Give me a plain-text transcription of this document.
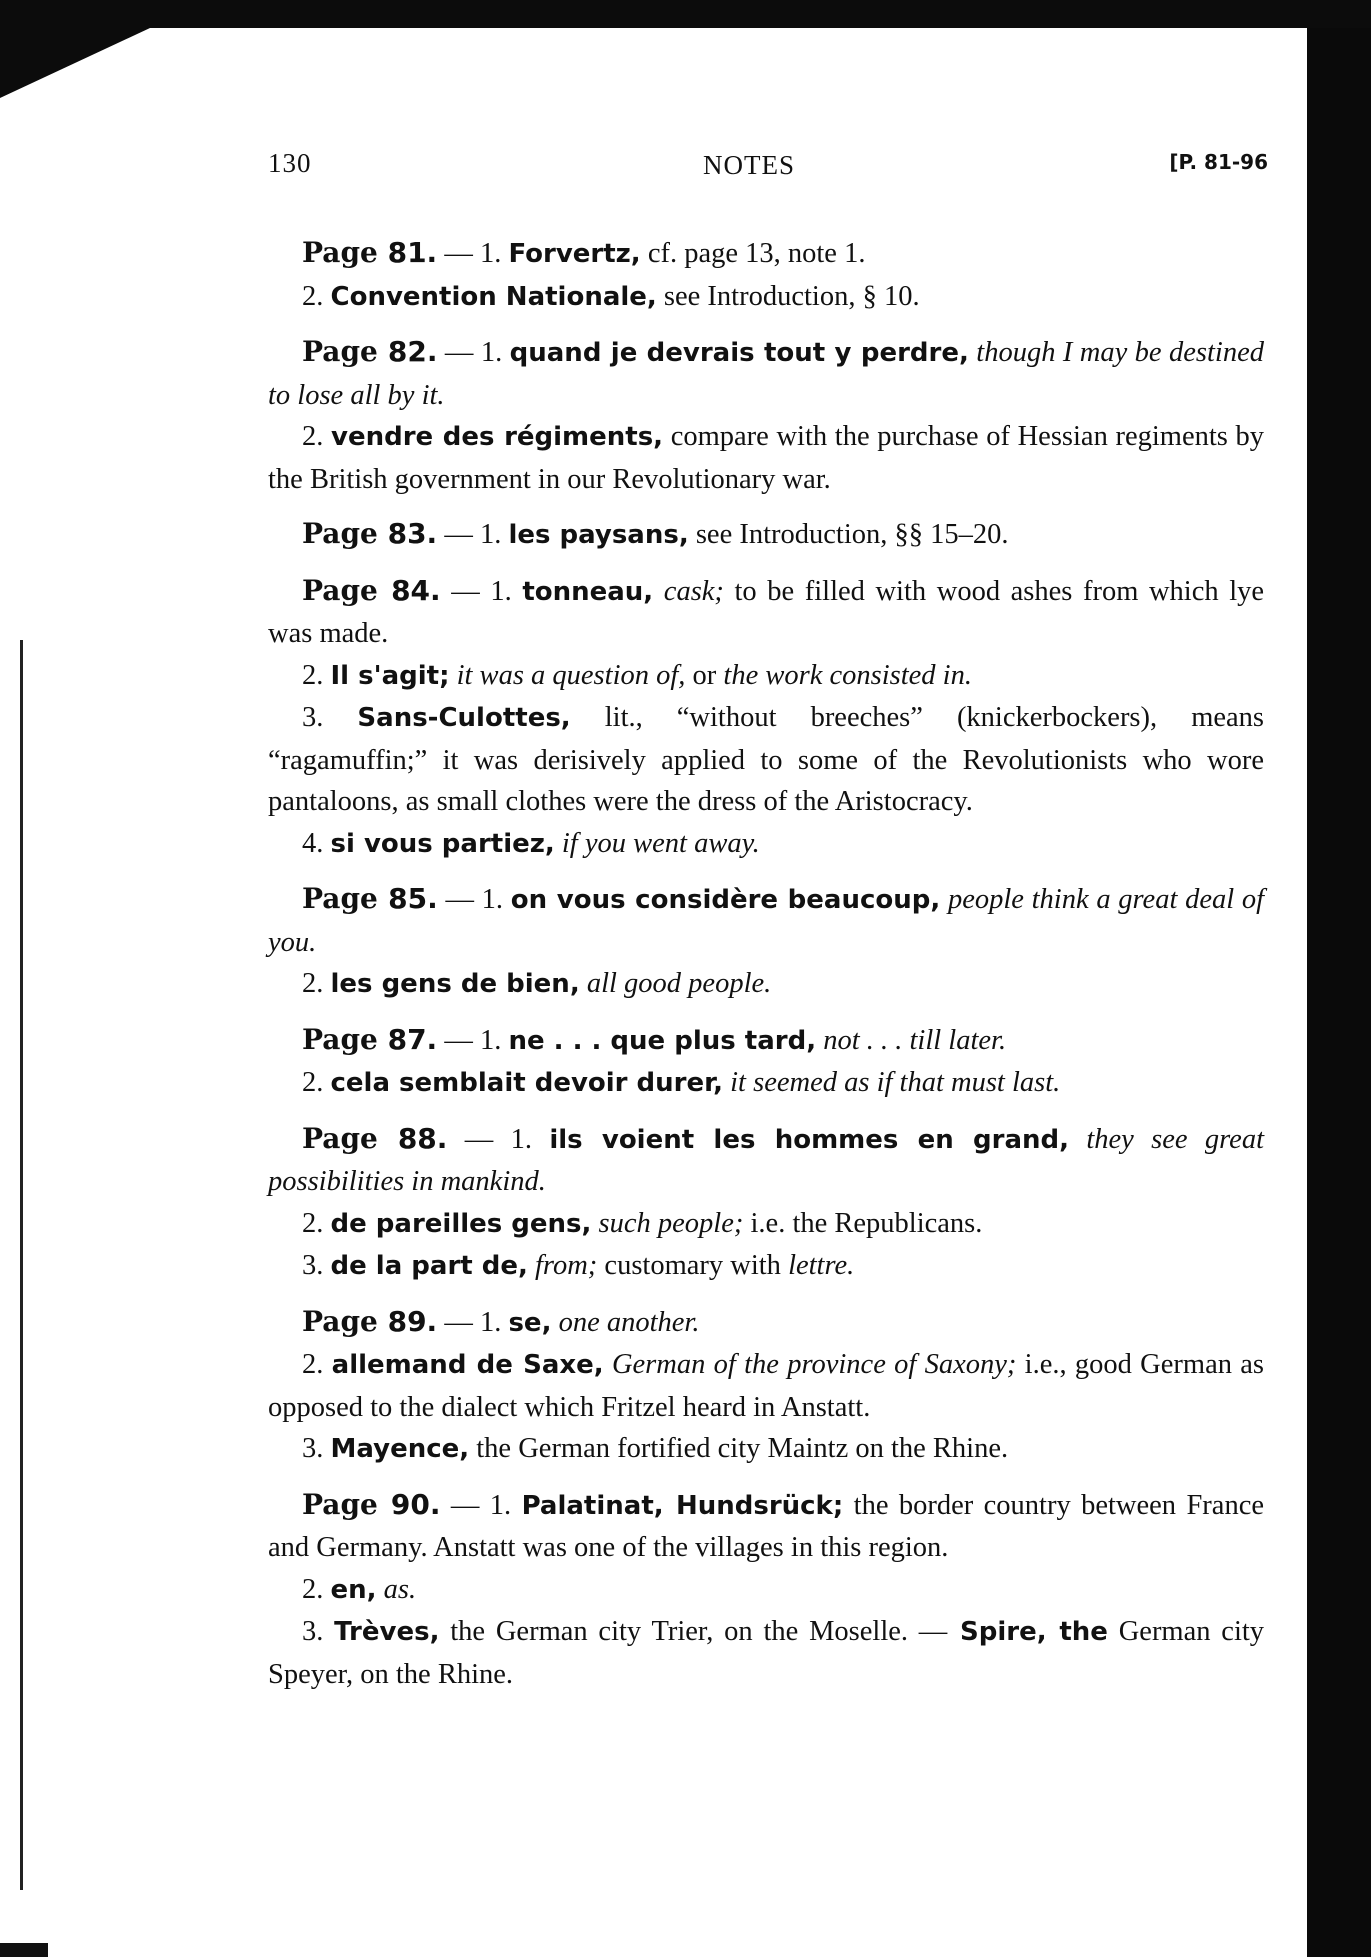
130	NOTES	[P. 81-96

Page 81. — 1. Forvertz, cf. page 13, note 1.

2. Convention Nationale, see Introduction, § 10.

Page 82. — 1. quand je devrais tout y perdre, though I may be destined to lose all by it.

2. vendre des régiments, compare with the purchase of Hessian regiments by the British government in our Revolutionary war.

Page 83. — 1. les paysans, see Introduction, §§ 15–20.

Page 84. — 1. tonneau, cask; to be filled with wood ashes from which lye was made.

2. Il s'agit; it was a question of, or the work consisted in.

3. Sans-Culottes, lit., “without breeches” (knickerbockers), means “ragamuffin;” it was derisively applied to some of the Revolutionists who wore pantaloons, as small clothes were the dress of the Aristocracy.

4. si vous partiez, if you went away.

Page 85. — 1. on vous considère beaucoup, people think a great deal of you.

2. les gens de bien, all good people.

Page 87. — 1. ne . . . que plus tard, not . . . till later.

2. cela semblait devoir durer, it seemed as if that must last.

Page 88. — 1. ils voient les hommes en grand, they see great possibilities in mankind.

2. de pareilles gens, such people; i.e. the Republicans.

3. de la part de, from; customary with lettre.

Page 89. — 1. se, one another.

2. allemand de Saxe, German of the province of Saxony; i.e., good German as opposed to the dialect which Fritzel heard in Anstatt.

3. Mayence, the German fortified city Maintz on the Rhine.

Page 90. — 1. Palatinat, Hundsrück; the border country between France and Germany. Anstatt was one of the villages in this region.

2. en, as.

3. Trèves, the German city Trier, on the Moselle. — Spire, the German city Speyer, on the Rhine.
